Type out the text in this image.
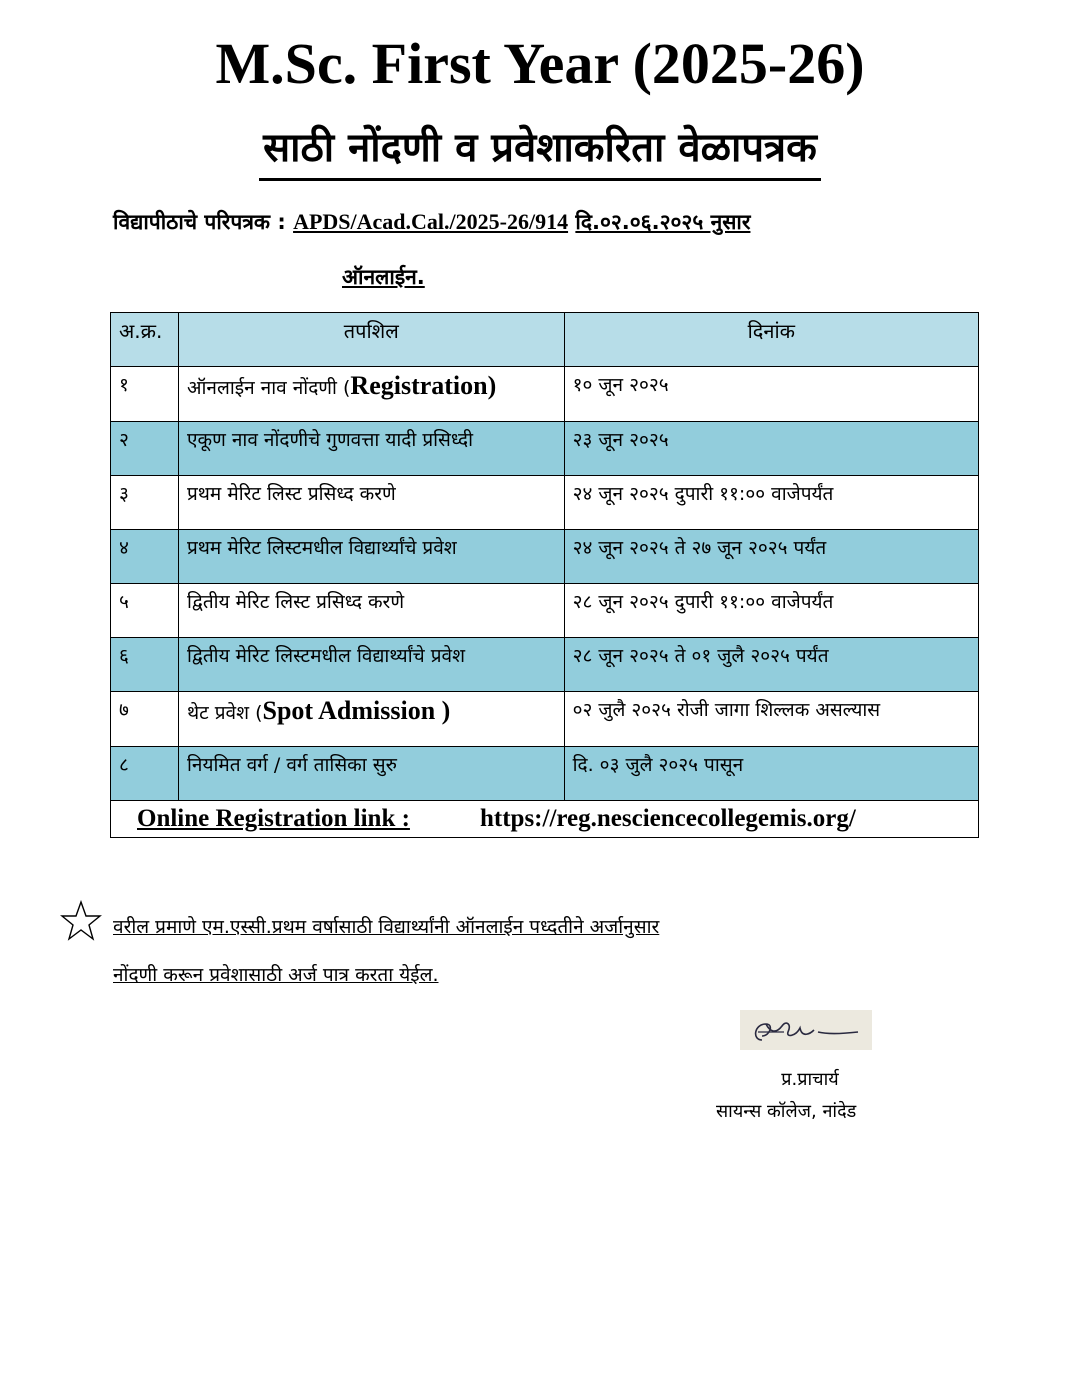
M.Sc. First Year (2025-26)
साठी नोंदणी व प्रवेशाकरिता वेळापत्रक
विद्यापीठाचे परिपत्रक : APDS/Acad.Cal./2025-26/914 दि.०२.०६.२०२५ नुसार
ऑनलाईन.
अ.क्र.	तपशिल	दिनांक
१	ऑनलाईन नाव नोंदणी (Registration)	१० जून २०२५
२	एकूण नाव नोंदणीचे गुणवत्ता यादी प्रसिध्दी	२३ जून २०२५
३	प्रथम मेरिट लिस्ट प्रसिध्द करणे	२४ जून २०२५ दुपारी ११:०० वाजेपर्यंत
४	प्रथम मेरिट लिस्टमधील विद्यार्थ्यांचे प्रवेश	२४ जून २०२५ ते २७ जून २०२५ पर्यंत
५	द्वितीय मेरिट लिस्ट प्रसिध्द करणे	२८ जून २०२५ दुपारी ११:०० वाजेपर्यंत
६	द्वितीय मेरिट लिस्टमधील विद्यार्थ्यांचे प्रवेश	२८ जून २०२५ ते ०१ जुलै २०२५ पर्यंत
७	थेट प्रवेश (Spot Admission )	०२ जुलै २०२५ रोजी जागा शिल्लक असल्यास
८	नियमित वर्ग / वर्ग तासिका सुरु	दि. ०३ जुलै २०२५ पासून
Online Registration link : https://reg.nesciencecollegemis.org/		
वरील प्रमाणे एम.एस्सी.प्रथम वर्षासाठी विद्यार्थ्यांनी ऑनलाईन पध्दतीने अर्जानुसार
नोंदणी करून प्रवेशासाठी अर्ज पात्र करता येईल.
प्र.प्राचार्य
सायन्स कॉलेज, नांदेड
